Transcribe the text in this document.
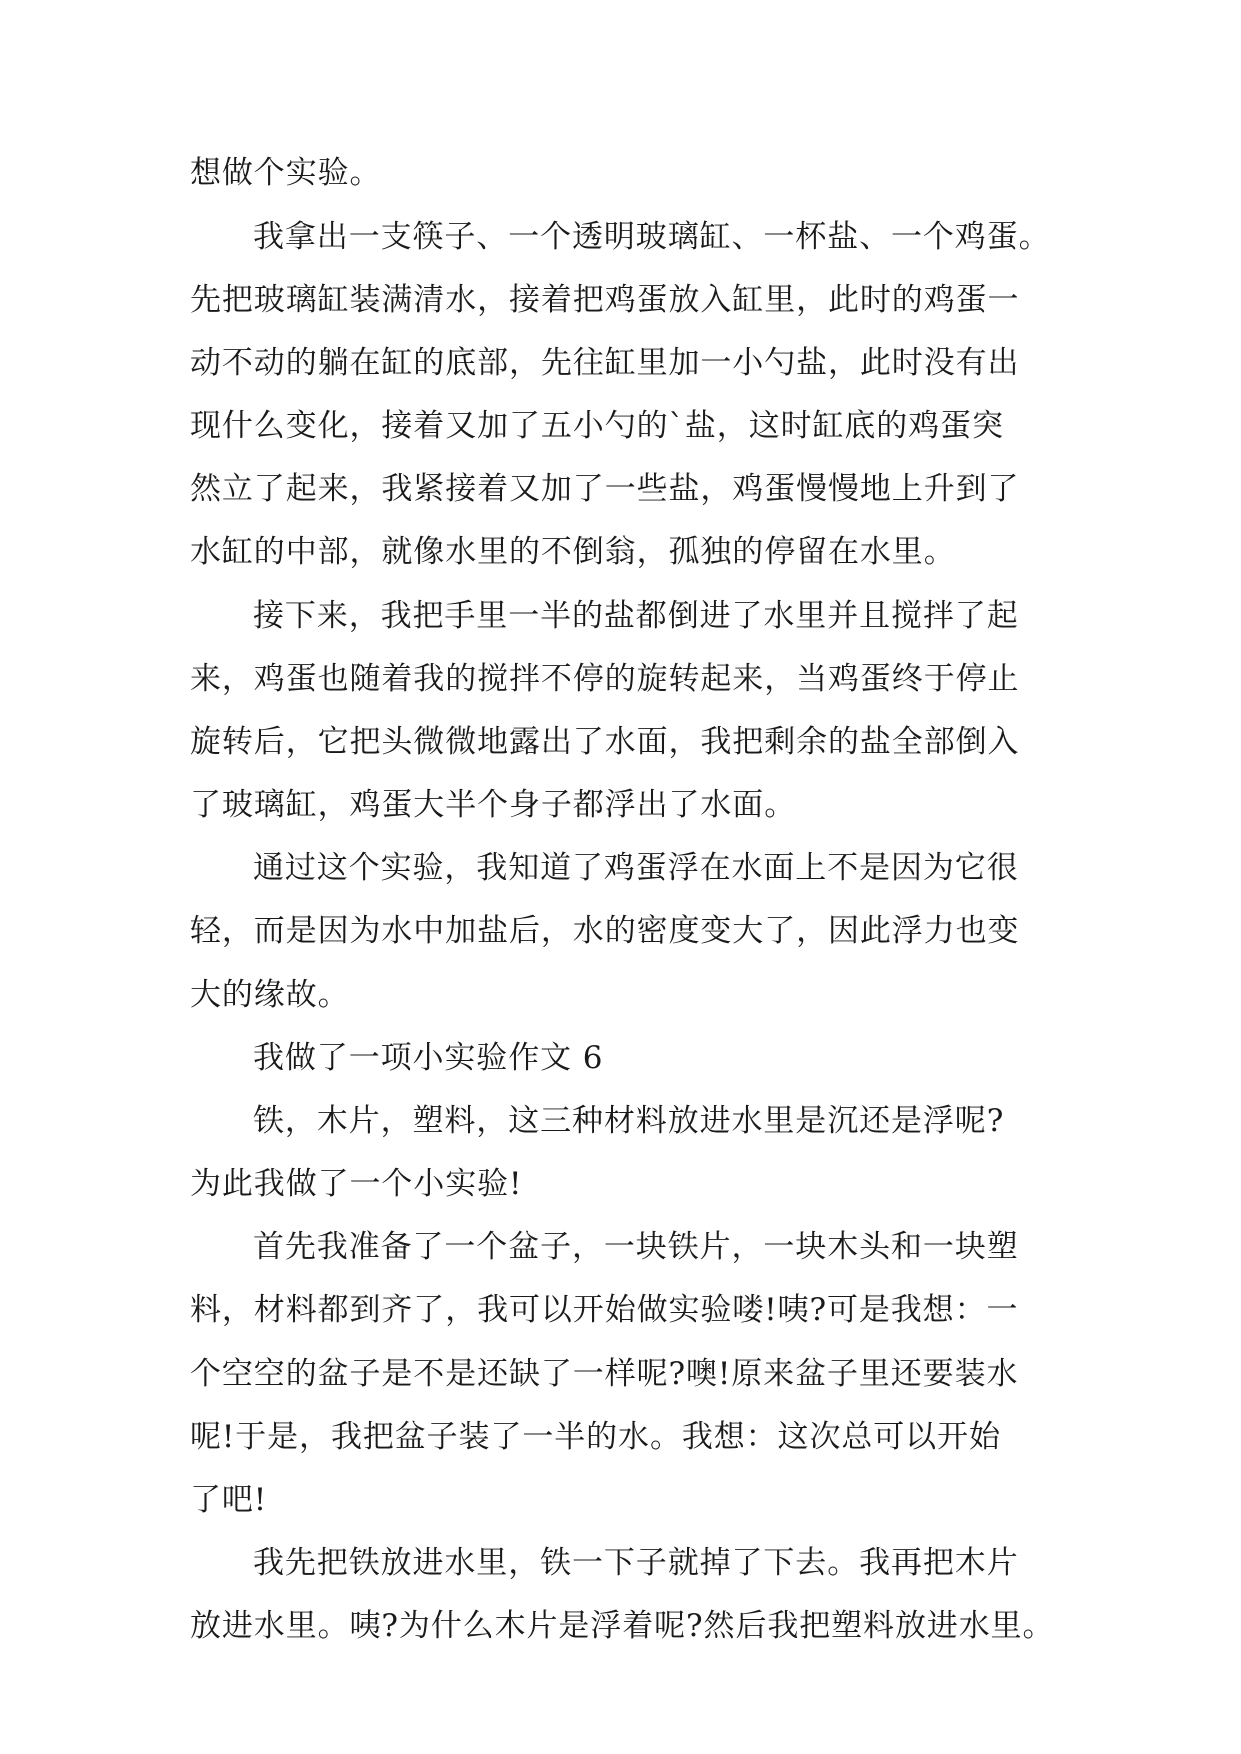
想做个实验。
我拿出一支筷子、一个透明玻璃缸、一杯盐、一个鸡蛋。
先把玻璃缸装满清水，接着把鸡蛋放入缸里，此时的鸡蛋一
动不动的躺在缸的底部，先往缸里加一小勺盐，此时没有出
现什么变化，接着又加了五小勺的`盐，这时缸底的鸡蛋突
然立了起来，我紧接着又加了一些盐，鸡蛋慢慢地上升到了
水缸的中部，就像水里的不倒翁，孤独的停留在水里。
接下来，我把手里一半的盐都倒进了水里并且搅拌了起
来，鸡蛋也随着我的搅拌不停的旋转起来，当鸡蛋终于停止
旋转后，它把头微微地露出了水面，我把剩余的盐全部倒入
了玻璃缸，鸡蛋大半个身子都浮出了水面。
通过这个实验，我知道了鸡蛋浮在水面上不是因为它很
轻，而是因为水中加盐后，水的密度变大了，因此浮力也变
大的缘故。
我做了一项小实验作文 6
铁，木片，塑料，这三种材料放进水里是沉还是浮呢?
为此我做了一个小实验!
首先我准备了一个盆子，一块铁片，一块木头和一块塑
料，材料都到齐了，我可以开始做实验喽!咦?可是我想：一
个空空的盆子是不是还缺了一样呢?噢!原来盆子里还要装水
呢!于是，我把盆子装了一半的水。我想：这次总可以开始
了吧!
我先把铁放进水里，铁一下子就掉了下去。我再把木片
放进水里。咦?为什么木片是浮着呢?然后我把塑料放进水里。
